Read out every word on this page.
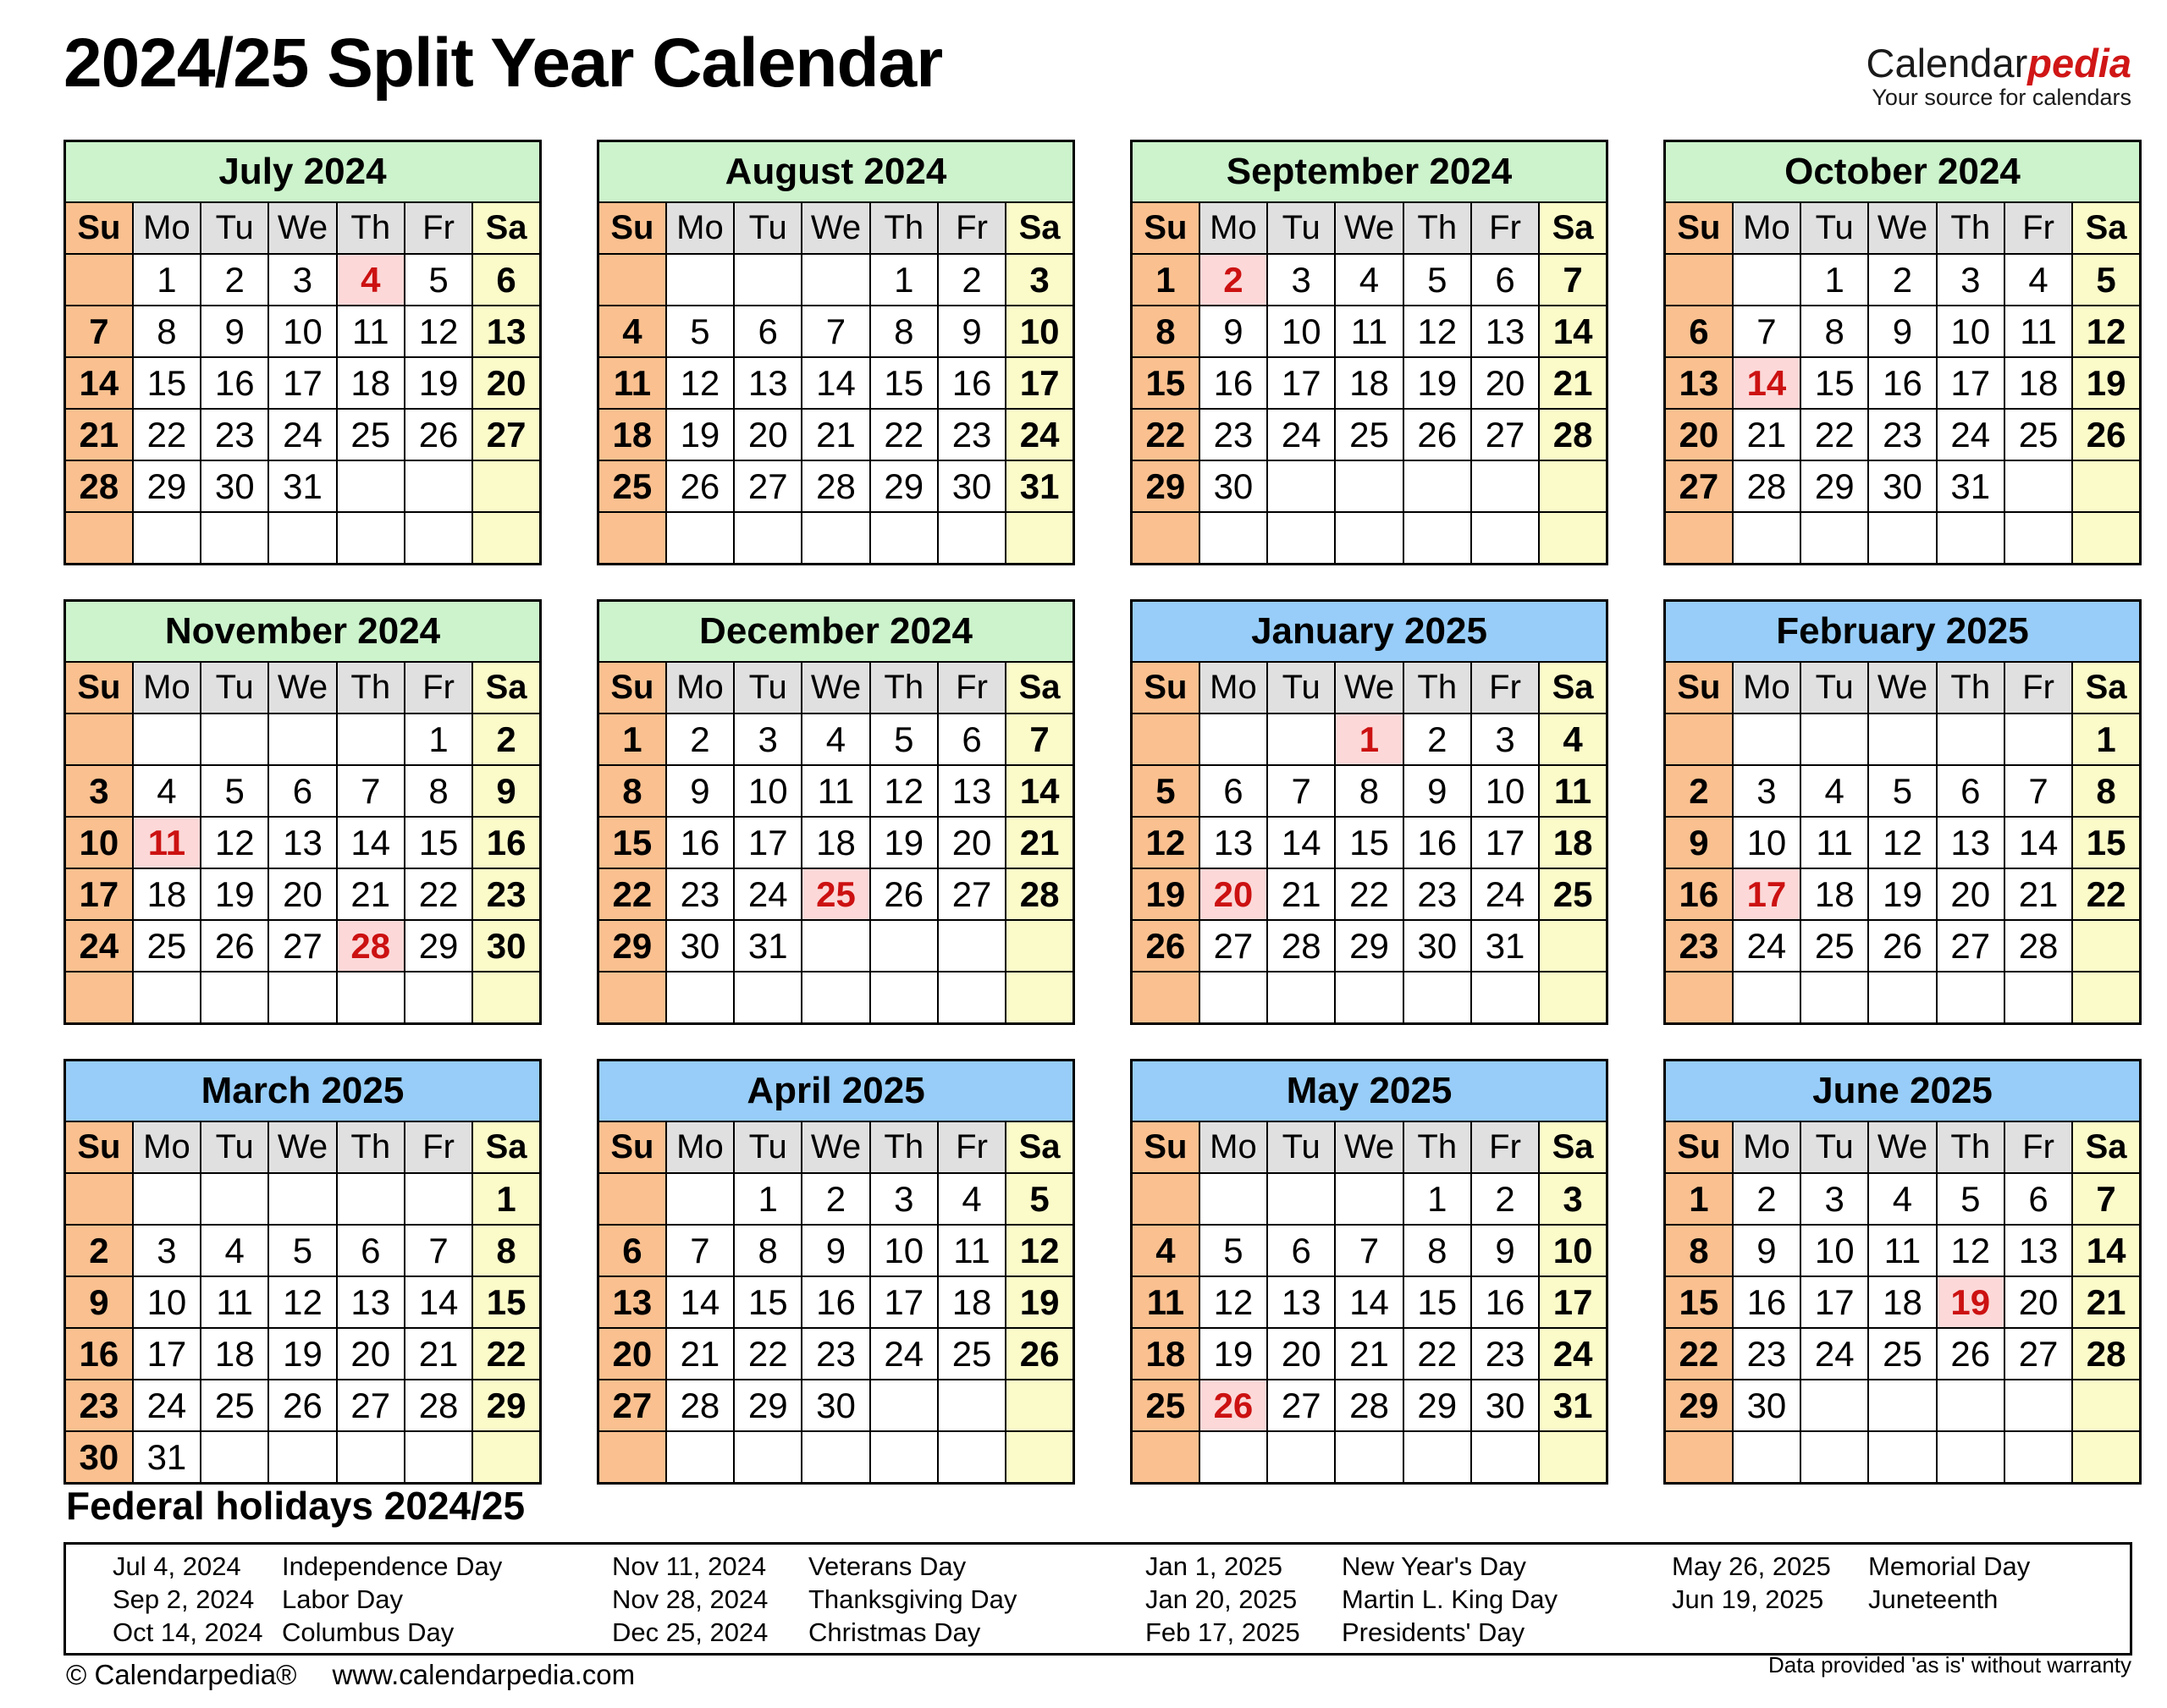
2024/25 Split Year Calendar	Calendarpedia
Your source for calendars
July 2024						
Su	Mo	Tu	We	Th	Fr	Sa
	1	2	3	4	5	6
7	8	9	10	11	12	13
14	15	16	17	18	19	20
21	22	23	24	25	26	27
28	29	30	31			

August 2024						
Su	Mo	Tu	We	Th	Fr	Sa
				1	2	3
4	5	6	7	8	9	10
11	12	13	14	15	16	17
18	19	20	21	22	23	24
25	26	27	28	29	30	31

September 2024						
Su	Mo	Tu	We	Th	Fr	Sa
1	2	3	4	5	6	7
8	9	10	11	12	13	14
15	16	17	18	19	20	21
22	23	24	25	26	27	28
29	30					

October 2024						
Su	Mo	Tu	We	Th	Fr	Sa
		1	2	3	4	5
6	7	8	9	10	11	12
13	14	15	16	17	18	19
20	21	22	23	24	25	26
27	28	29	30	31		

November 2024						
Su	Mo	Tu	We	Th	Fr	Sa
					1	2
3	4	5	6	7	8	9
10	11	12	13	14	15	16
17	18	19	20	21	22	23
24	25	26	27	28	29	30

December 2024						
Su	Mo	Tu	We	Th	Fr	Sa
1	2	3	4	5	6	7
8	9	10	11	12	13	14
15	16	17	18	19	20	21
22	23	24	25	26	27	28
29	30	31				

January 2025						
Su	Mo	Tu	We	Th	Fr	Sa
			1	2	3	4
5	6	7	8	9	10	11
12	13	14	15	16	17	18
19	20	21	22	23	24	25
26	27	28	29	30	31	

February 2025						
Su	Mo	Tu	We	Th	Fr	Sa
						1
2	3	4	5	6	7	8
9	10	11	12	13	14	15
16	17	18	19	20	21	22
23	24	25	26	27	28	

March 2025						
Su	Mo	Tu	We	Th	Fr	Sa
						1
2	3	4	5	6	7	8
9	10	11	12	13	14	15
16	17	18	19	20	21	22
23	24	25	26	27	28	29
30	31					
April 2025						
Su	Mo	Tu	We	Th	Fr	Sa
		1	2	3	4	5
6	7	8	9	10	11	12
13	14	15	16	17	18	19
20	21	22	23	24	25	26
27	28	29	30			

May 2025						
Su	Mo	Tu	We	Th	Fr	Sa
				1	2	3
4	5	6	7	8	9	10
11	12	13	14	15	16	17
18	19	20	21	22	23	24
25	26	27	28	29	30	31

June 2025						
Su	Mo	Tu	We	Th	Fr	Sa
1	2	3	4	5	6	7
8	9	10	11	12	13	14
15	16	17	18	19	20	21
22	23	24	25	26	27	28
29	30					

Federal holidays 2024/25
Jul 4, 2024	Independence Day	Nov 11, 2024	Veterans Day	Jan 1, 2025	New Year's Day	May 26, 2025	Memorial Day
Sep 2, 2024	Labor Day	Nov 28, 2024	Thanksgiving Day	Jan 20, 2025	Martin L. King Day	Jun 19, 2025	Juneteenth
Oct 14, 2024 Columbus Day	Dec 25, 2024	Christmas Day	Feb 17, 2025	Presidents' Day
© Calendarpedia® www.calendarpedia.com	Data provided 'as is' without warranty
